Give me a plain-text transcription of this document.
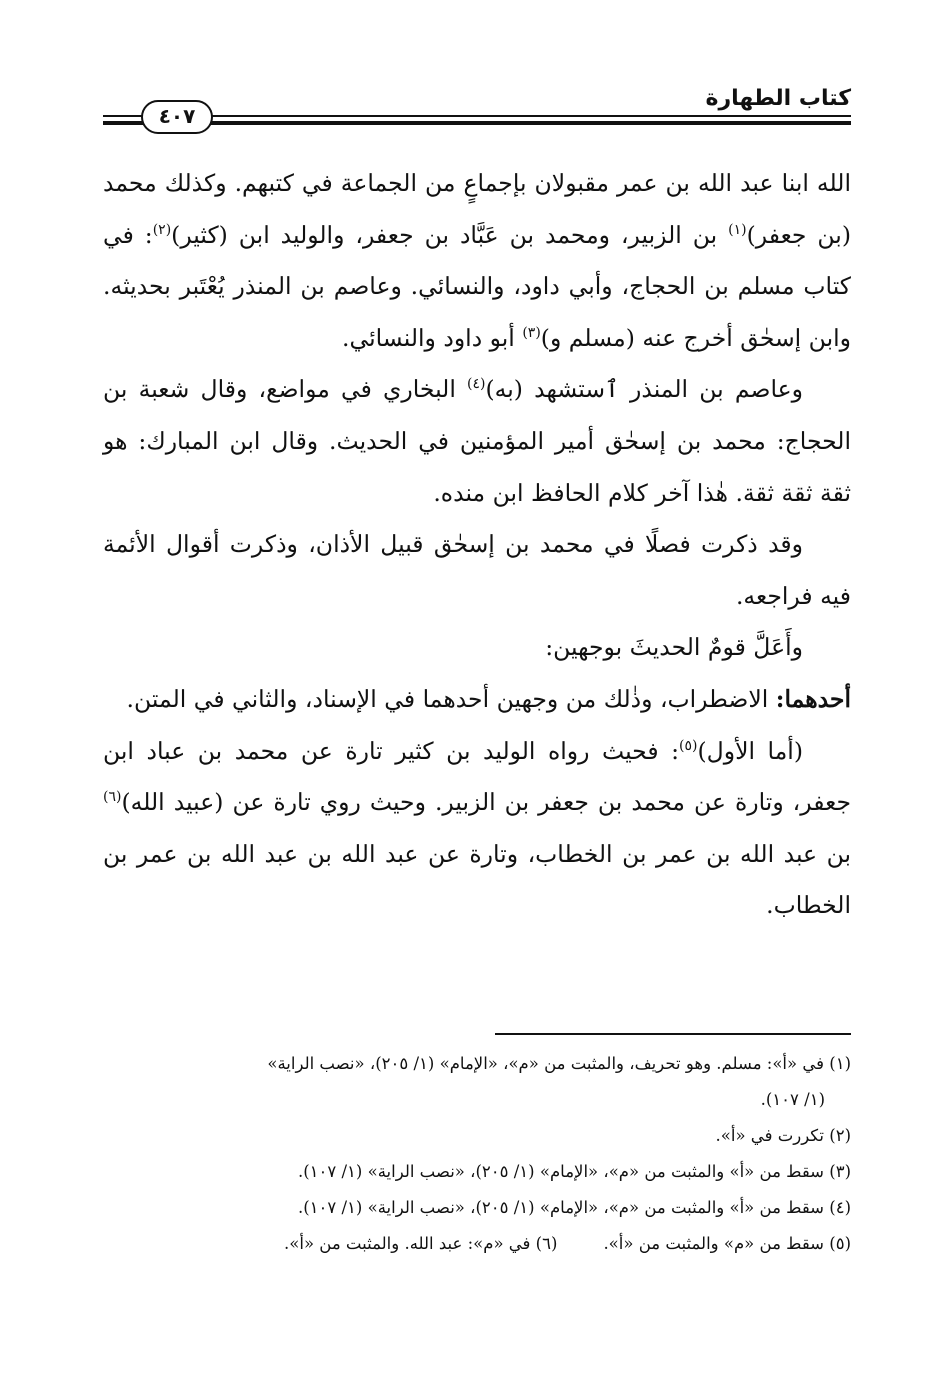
كتاب الطهارة
٤٠٧

الله ابنا عبد الله بن عمر مقبولان بإجماعٍ من الجماعة في كتبهم. وكذلك محمد (بن جعفر)$^{(١)}$ بن الزبير، ومحمد بن عَبَّاد بن جعفر، والوليد ابن (كثير)$^{(٢)}$: في كتاب مسلم بن الحجاج، وأبي داود، والنسائي. وعاصم بن المنذر يُعْتَبر بحديثه. وابن إسحٰق أخرج عنه (مسلم و)$^{(٣)}$ أبو داود والنسائي.

وعاصم بن المنذر ٱستشهد (به)$^{(٤)}$ البخاري في مواضع، وقال شعبة بن الحجاج: محمد بن إسحٰق أمير المؤمنين في الحديث. وقال ابن المبارك: هو ثقة ثقة ثقة. هٰذا آخر كلام الحافظ ابن منده.

وقد ذكرت فصلًا في محمد بن إسحٰق قبيل الأذان، وذكرت أقوال الأئمة فيه فراجعه.

وأَعَلَّ قومٌ الحديثَ بوجهين:

أحدهما: الاضطراب، وذٰلك من وجهين أحدهما في الإسناد، والثاني في المتن.

(أما الأول)$^{(٥)}$: فحيث رواه الوليد بن كثير تارة عن محمد بن عباد ابن جعفر، وتارة عن محمد بن جعفر بن الزبير. وحيث روي تارة عن (عبيد الله)$^{(٦)}$ بن عبد الله بن عمر بن الخطاب، وتارة عن عبد الله بن عبد الله بن عمر بن الخطاب.

(١) في «أ»: مسلم. وهو تحريف، والمثبت من «م»، «الإمام» (١/ ٢٠٥)، «نصب الراية»

(١/ ١٠٧).

(٢) تكررت في «أ».

(٣) سقط من «أ» والمثبت من «م»، «الإمام» (١/ ٢٠٥)، «نصب الراية» (١/ ١٠٧).

(٤) سقط من «أ» والمثبت من «م»، «الإمام» (١/ ٢٠٥)، «نصب الراية» (١/ ١٠٧).

(٥) سقط من «م» والمثبت من «أ».(٦) في «م»: عبد الله. والمثبت من «أ».
